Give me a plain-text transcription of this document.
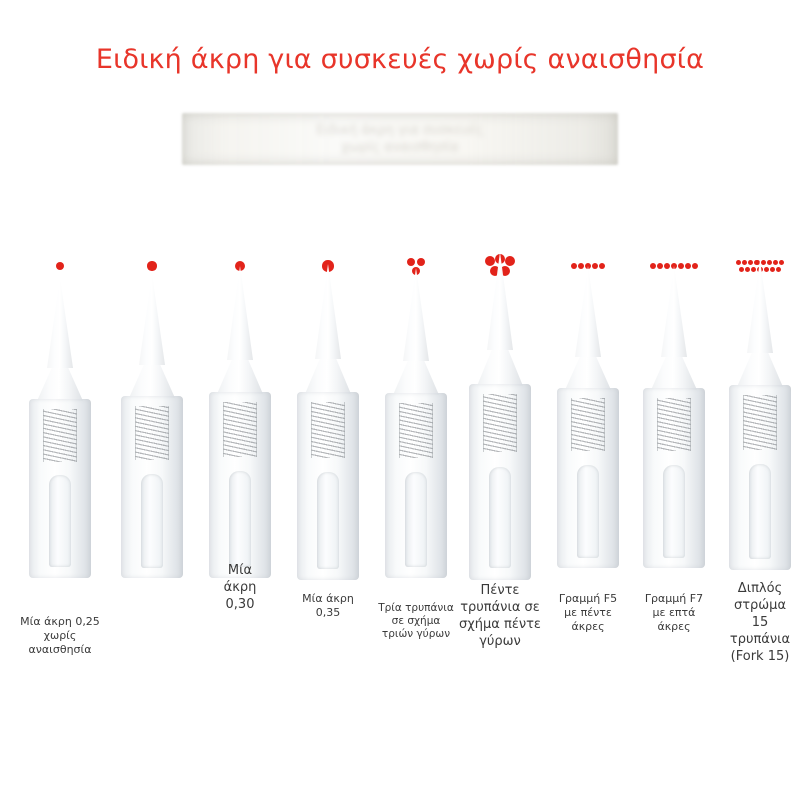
Ειδική άκρη για συσκευές χωρίς αναισθησία
Ειδική άκρη για συσκευές
χωρίς αναισθησία
Μία άκρη 0,25
χωρίς
αναισθησία
Μία
άκρη
0,30	Μία άκρη
0,35	Τρία τρυπάνια
σε σχήμα
τριών γύρων
Πέντε
τρυπάνια σε
σχήμα πέντε
γύρων
Γραμμή F5
με πέντε
άκρες
Γραμμή F7
με επτά
άκρες
Διπλός
στρώμα
15
τρυπάνια
(Fork 15)
